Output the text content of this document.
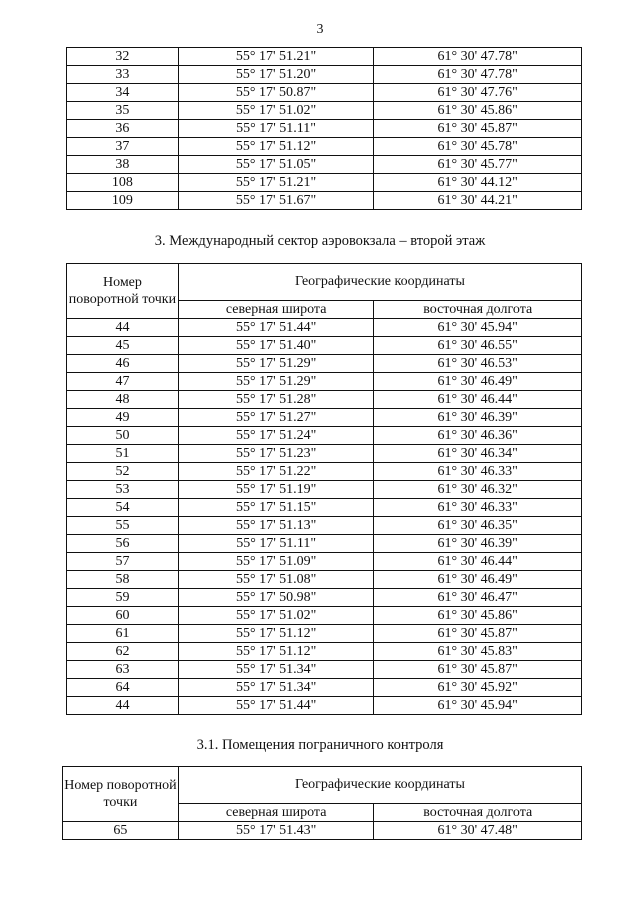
3
32	55° 17' 51.21"	61° 30' 47.78"
33	55° 17' 51.20"	61° 30' 47.78"
34	55° 17' 50.87"	61° 30' 47.76"
35	55° 17' 51.02"	61° 30' 45.86"
36	55° 17' 51.11"	61° 30' 45.87"
37	55° 17' 51.12"	61° 30' 45.78"
38	55° 17' 51.05"	61° 30' 45.77"
108	55° 17' 51.21"	61° 30' 44.12"
109	55° 17' 51.67"	61° 30' 44.21"
3. Международный сектор аэровокзала – второй этаж
Номер поворотной точки	Географические координаты	
	северная широта	восточная долгота
44	55° 17' 51.44"	61° 30' 45.94"
45	55° 17' 51.40"	61° 30' 46.55"
46	55° 17' 51.29"	61° 30' 46.53"
47	55° 17' 51.29"	61° 30' 46.49"
48	55° 17' 51.28"	61° 30' 46.44"
49	55° 17' 51.27"	61° 30' 46.39"
50	55° 17' 51.24"	61° 30' 46.36"
51	55° 17' 51.23"	61° 30' 46.34"
52	55° 17' 51.22"	61° 30' 46.33"
53	55° 17' 51.19"	61° 30' 46.32"
54	55° 17' 51.15"	61° 30' 46.33"
55	55° 17' 51.13"	61° 30' 46.35"
56	55° 17' 51.11"	61° 30' 46.39"
57	55° 17' 51.09"	61° 30' 46.44"
58	55° 17' 51.08"	61° 30' 46.49"
59	55° 17' 50.98"	61° 30' 46.47"
60	55° 17' 51.02"	61° 30' 45.86"
61	55° 17' 51.12"	61° 30' 45.87"
62	55° 17' 51.12"	61° 30' 45.83"
63	55° 17' 51.34"	61° 30' 45.87"
64	55° 17' 51.34"	61° 30' 45.92"
44	55° 17' 51.44"	61° 30' 45.94"
3.1. Помещения пограничного контроля
Номер поворотной точки	Географические координаты	
	северная широта	восточная долгота
65	55° 17' 51.43"	61° 30' 47.48"
